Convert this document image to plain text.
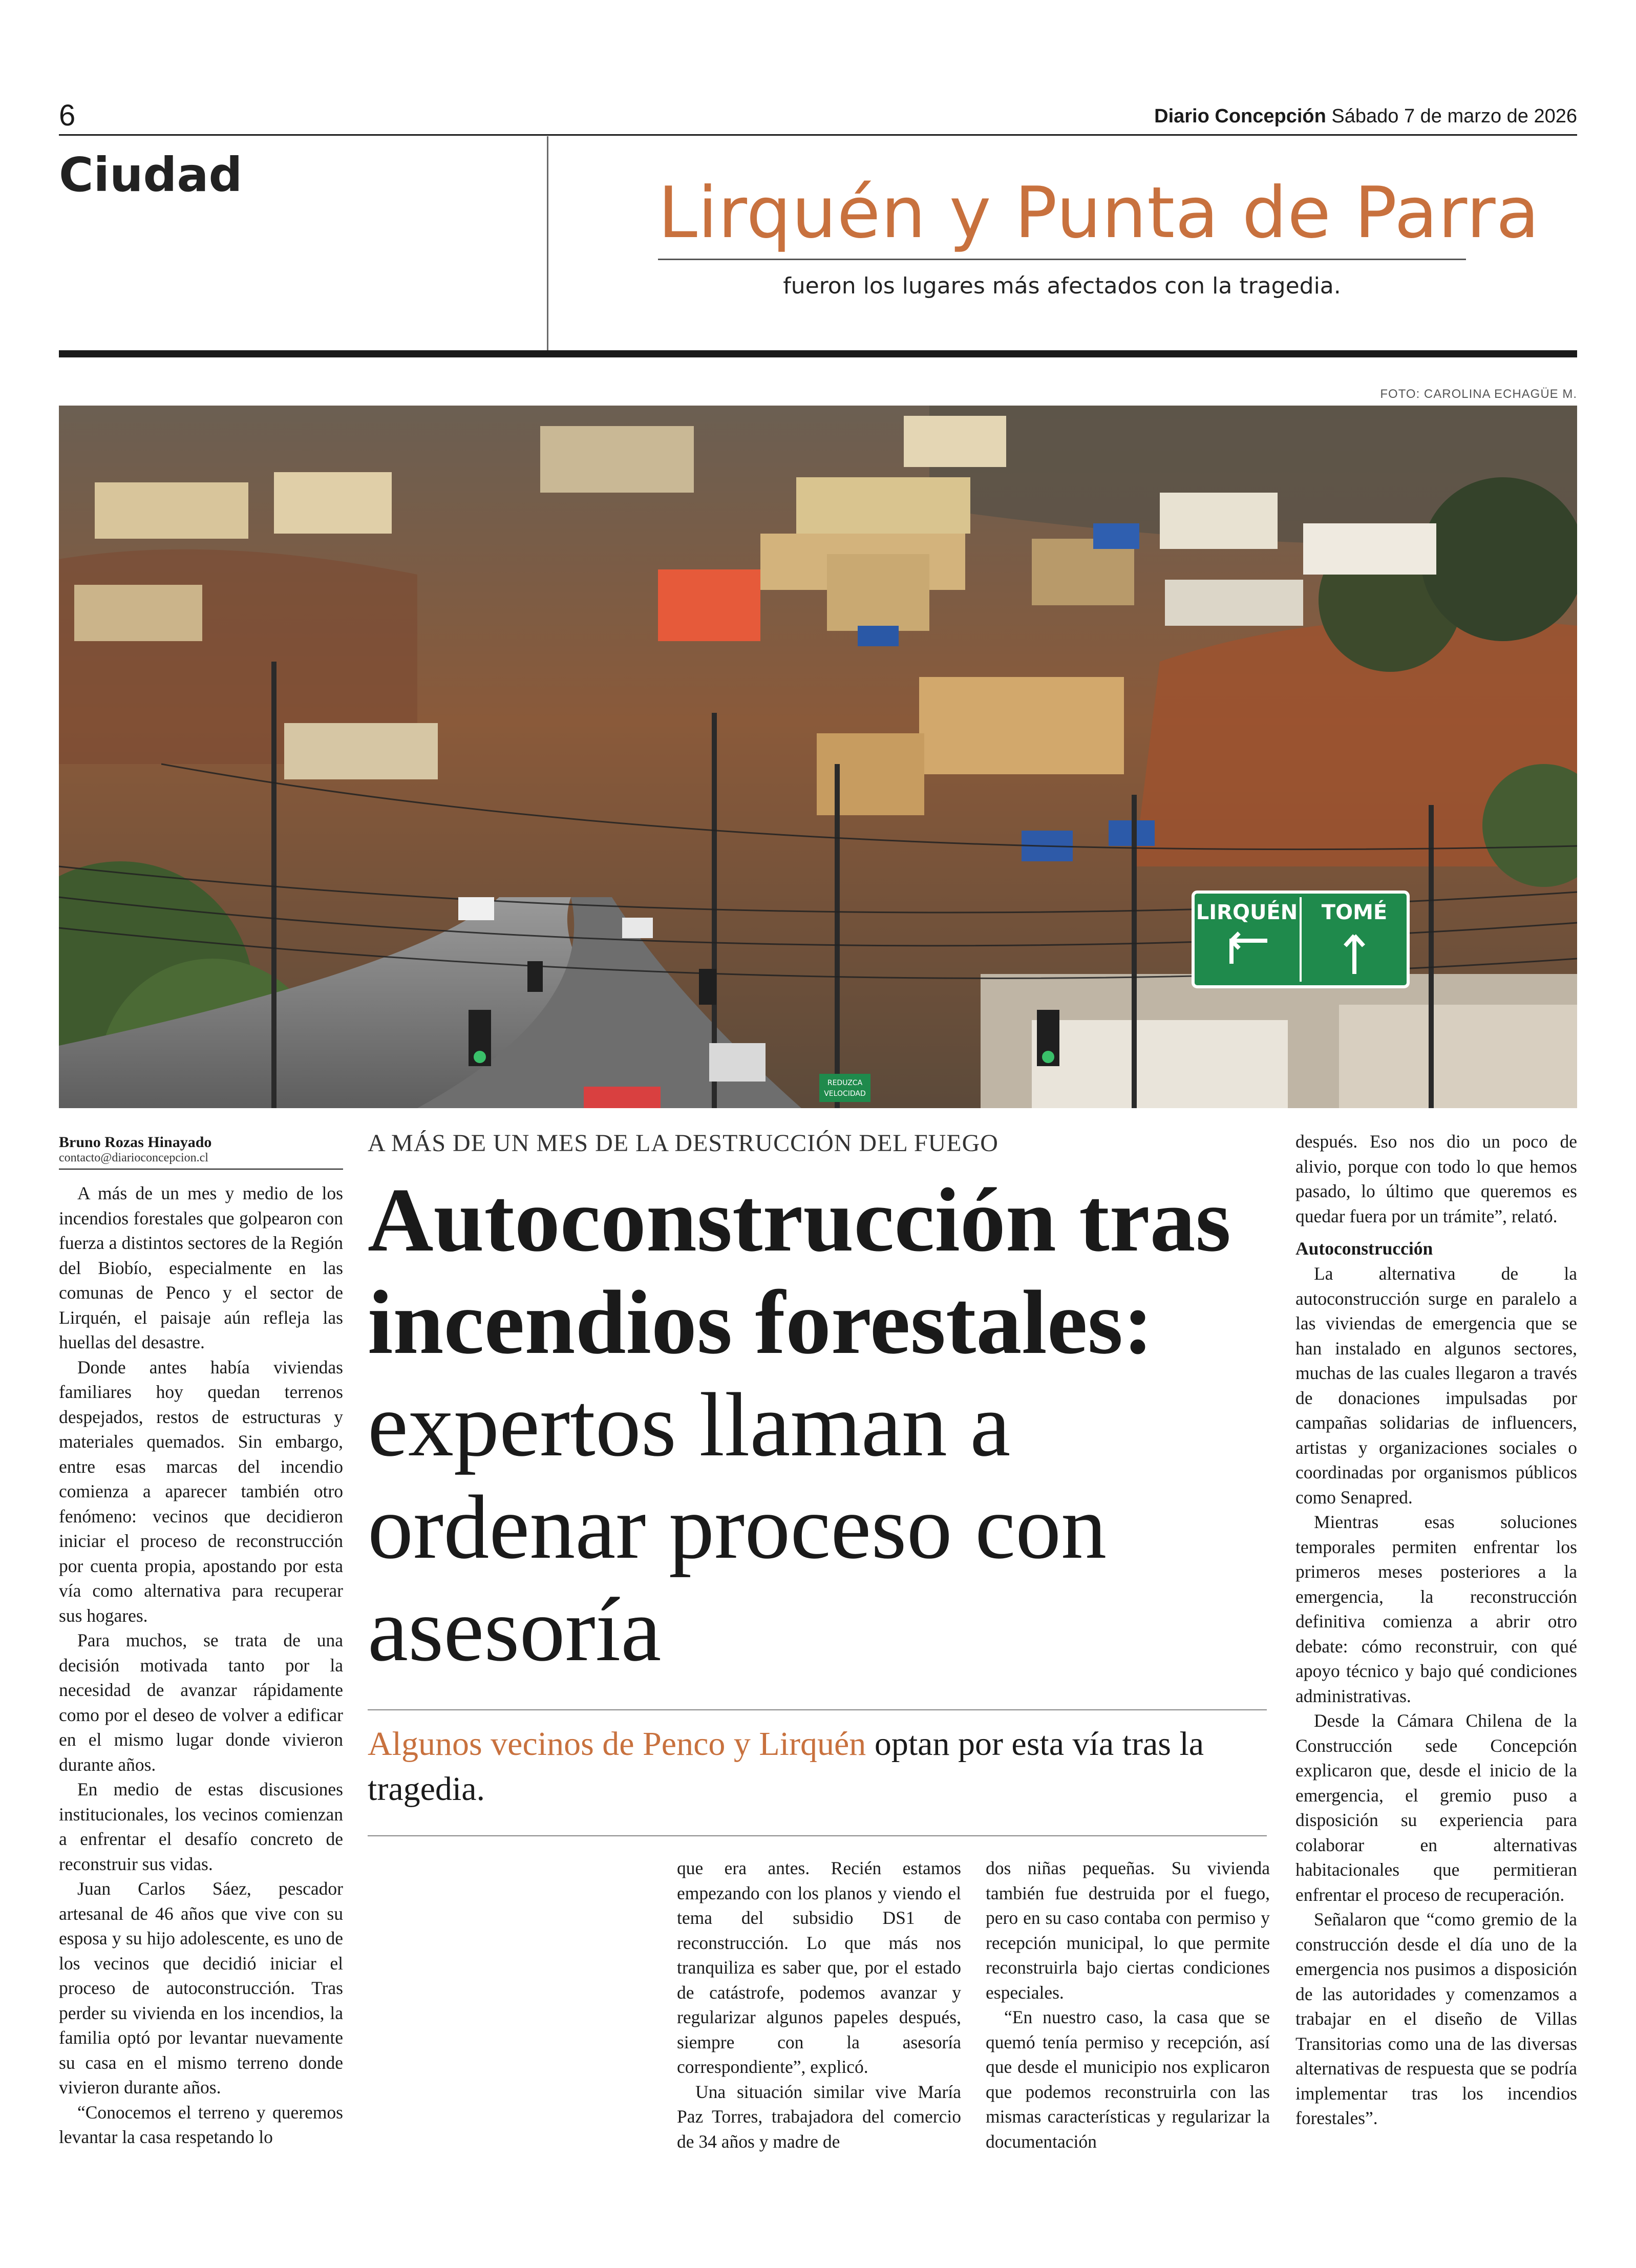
6	Diario Concepción Sábado 7 de marzo de 2026
Ciudad	Lirquén y Punta de Parra
fueron los lugares más afectados con la tragedia.
FOTO: CAROLINA ECHAGÜE M.
LIRQUÉN TOMÉ
REDUZCA
VELOCIDAD
Bruno Rozas Hinayado
contacto@diarioconcepcion.cl
A MÁS DE UN MES DE LA DESTRUCCIÓN DEL FUEGO
Autoconstrucción tras incendios forestales: expertos llaman a ordenar proceso con asesoría

Algunos vecinos de Penco y Lirquén optan por esta vía tras la tragedia.

A más de un mes y medio de los incendios forestales que golpearon con fuerza a distintos sectores de la Región del Biobío, especialmente en las comunas de Penco y el sector de Lirquén, el paisaje aún refleja las huellas del desastre.

Donde antes había viviendas familiares hoy quedan terrenos despejados, restos de estructuras y materiales quemados. Sin embargo, entre esas marcas del incendio comienza a aparecer también otro fenómeno: vecinos que decidieron iniciar el proceso de reconstrucción por cuenta propia, apostando por esta vía como alternativa para recuperar sus hogares.

Para muchos, se trata de una decisión motivada tanto por la necesidad de avanzar rápidamente como por el deseo de volver a edificar en el mismo lugar donde vivieron durante años.

En medio de estas discusiones institucionales, los vecinos comienzan a enfrentar el desafío concreto de reconstruir sus vidas.

Juan Carlos Sáez, pescador artesanal de 46 años que vive con su esposa y su hijo adolescente, es uno de los vecinos que decidió iniciar el proceso de autoconstrucción. Tras perder su vivienda en los incendios, la familia optó por levantar nuevamente su casa en el mismo terreno donde vivieron durante años.

“Conocemos el terreno y queremos levantar la casa respetando lo

que era antes. Recién estamos empezando con los planos y viendo el tema del subsidio DS1 de reconstrucción. Lo que más nos tranquiliza es saber que, por el estado de catástrofe, podemos avanzar y regularizar algunos papeles después, siempre con la asesoría correspondiente”, explicó.

Una situación similar vive María Paz Torres, trabajadora del comercio de 34 años y madre de

dos niñas pequeñas. Su vivienda también fue destruida por el fuego, pero en su caso contaba con permiso y recepción municipal, lo que permite reconstruirla bajo ciertas condiciones especiales.

“En nuestro caso, la casa que se quemó tenía permiso y recepción, así que desde el municipio nos explicaron que podemos reconstruirla con las mismas características y regularizar la documentación

después. Eso nos dio un poco de alivio, porque con todo lo que hemos pasado, lo último que queremos es quedar fuera por un trámite”, relató.

Autoconstrucción

La alternativa de la autoconstrucción surge en paralelo a las viviendas de emergencia que se han instalado en algunos sectores, muchas de las cuales llegaron a través de donaciones impulsadas por campañas solidarias de influencers, artistas y organizaciones sociales o coordinadas por organismos públicos como Senapred.

Mientras esas soluciones temporales permiten enfrentar los primeros meses posteriores a la emergencia, la reconstrucción definitiva comienza a abrir otro debate: cómo reconstruir, con qué apoyo técnico y bajo qué condiciones administrativas.

Desde la Cámara Chilena de la Construcción sede Concepción explicaron que, desde el inicio de la emergencia, el gremio puso a disposición su experiencia para colaborar en alternativas habitacionales que permitieran enfrentar el proceso de recuperación.

Señalaron que “como gremio de la construcción desde el día uno de la emergencia nos pusimos a disposición de las autoridades y comenzamos a trabajar en el diseño de Villas Transitorias como una de las diversas alternativas de respuesta que se podría implementar tras los incendios forestales”.
